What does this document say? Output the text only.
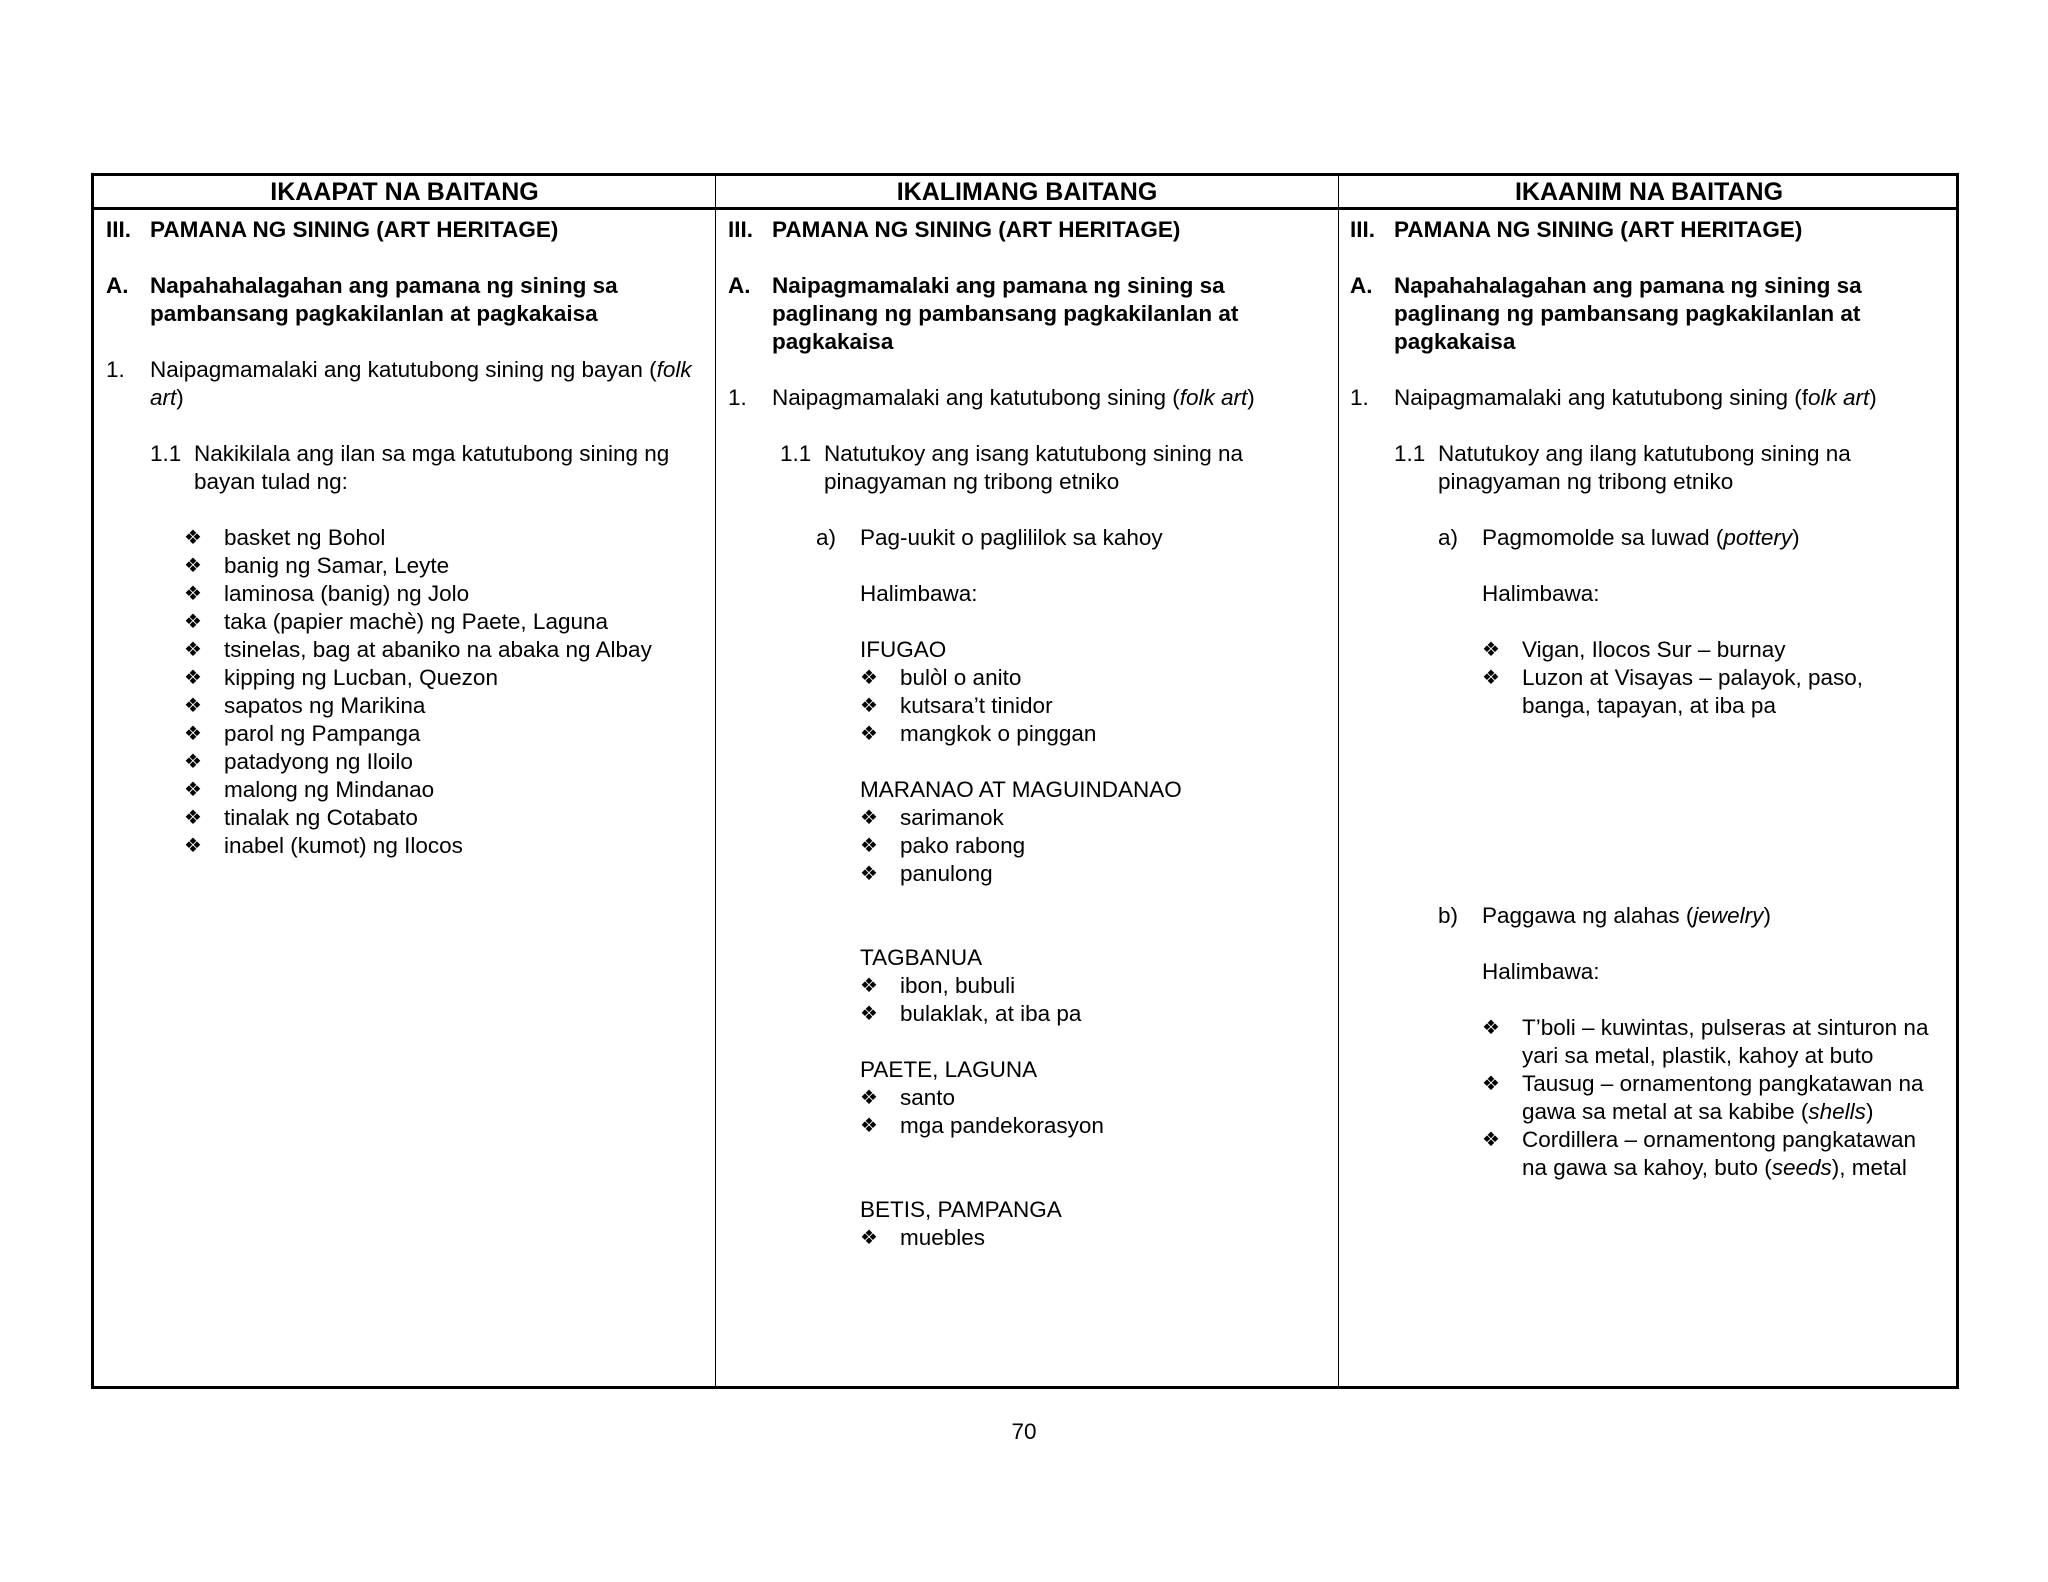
IKAAPAT NA BAITANG	IKALIMANG BAITANG	IKAANIM NA BAITANG
III. PAMANA NG SINING (ART HERITAGE)
A. Napahahalagahan ang pamana ng sining sa pambansang pagkakilanlan at pagkakaisa
1. Naipagmamalaki ang katutubong sining ng bayan (folk art)
1.1 Nakikilala ang ilan sa mga katutubong sining ng bayan tulad ng:
❖ basket ng Bohol
❖ banig ng Samar, Leyte
❖ laminosa (banig) ng Jolo
❖ taka (papier machè) ng Paete, Laguna
❖ tsinelas, bag at abaniko na abaka ng Albay
❖ kipping ng Lucban, Quezon
❖ sapatos ng Marikina
❖ parol ng Pampanga
❖ patadyong ng Iloilo
❖ malong ng Mindanao
❖ tinalak ng Cotabato
❖ inabel (kumot) ng Ilocos
III. PAMANA NG SINING (ART HERITAGE)
A. Naipagmamalaki ang pamana ng sining sa paglinang ng pambansang pagkakilanlan at pagkakaisa
1. Naipagmamalaki ang katutubong sining (folk art)
1.1 Natutukoy ang isang katutubong sining na pinagyaman ng tribong etniko
a) Pag-uukit o paglililok sa kahoy
Halimbawa:
IFUGAO
❖ bulòl o anito
❖ kutsara’t tinidor
❖ mangkok o pinggan
MARANAO AT MAGUINDANAO
❖ sarimanok
❖ pako rabong
❖ panulong
TAGBANUA
❖ ibon, bubuli
❖ bulaklak, at iba pa
PAETE, LAGUNA
❖ santo
❖ mga pandekorasyon
BETIS, PAMPANGA
❖ muebles
III. PAMANA NG SINING (ART HERITAGE)
A. Napahahalagahan ang pamana ng sining sa paglinang ng pambansang pagkakilanlan at pagkakaisa
1. Naipagmamalaki ang katutubong sining (folk art)
1.1 Natutukoy ang ilang katutubong sining na pinagyaman ng tribong etniko
a) Pagmomolde sa luwad (pottery)
Halimbawa:
❖ Vigan, Ilocos Sur – burnay
❖ Luzon at Visayas – palayok, paso, banga, tapayan, at iba pa
b) Paggawa ng alahas (jewelry)
Halimbawa:
❖ T’boli – kuwintas, pulseras at sinturon na yari sa metal, plastik, kahoy at buto
❖ Tausug – ornamentong pangkatawan na gawa sa metal at sa kabibe (shells)
❖ Cordillera – ornamentong pangkatawan na gawa sa kahoy, buto (seeds), metal
70
